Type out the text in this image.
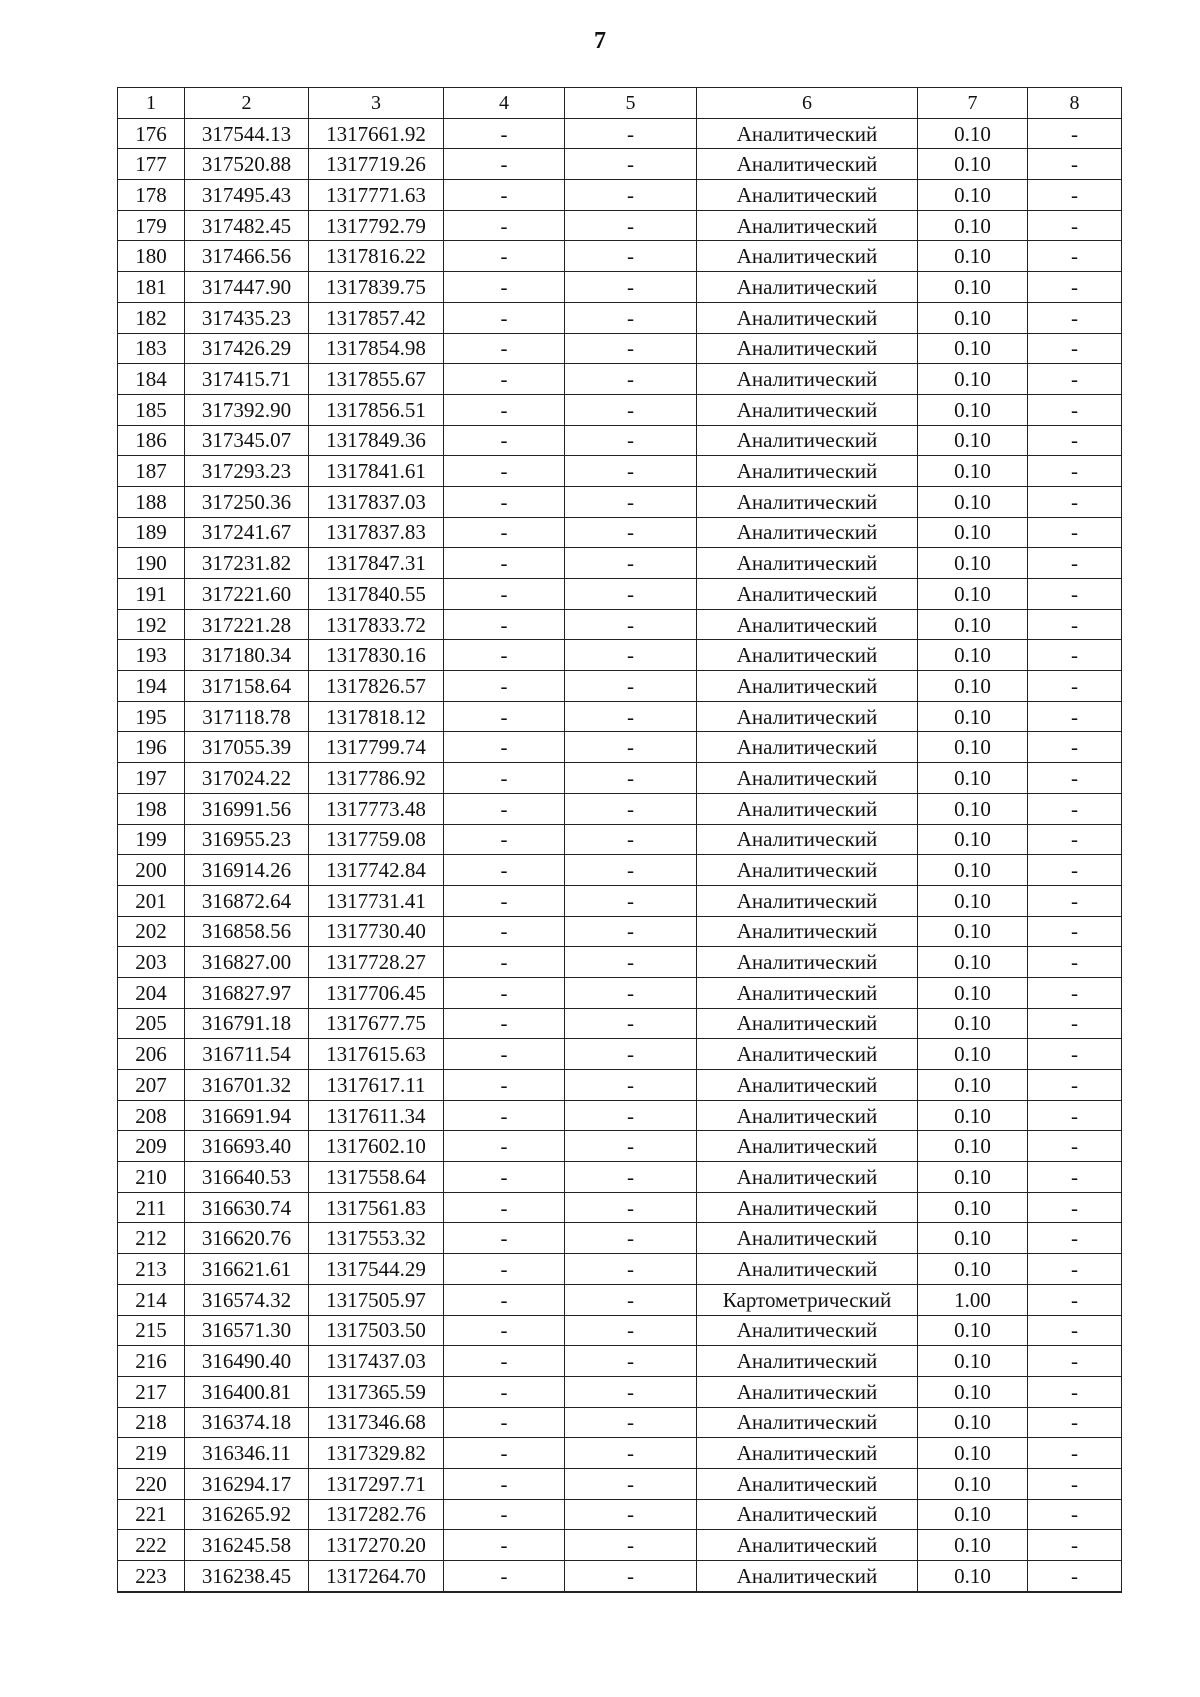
7
1	2	3	4	5	6	7	8
176	317544.13	1317661.92	-	-	Аналитический	0.10	-
177	317520.88	1317719.26	-	-	Аналитический	0.10	-
178	317495.43	1317771.63	-	-	Аналитический	0.10	-
179	317482.45	1317792.79	-	-	Аналитический	0.10	-
180	317466.56	1317816.22	-	-	Аналитический	0.10	-
181	317447.90	1317839.75	-	-	Аналитический	0.10	-
182	317435.23	1317857.42	-	-	Аналитический	0.10	-
183	317426.29	1317854.98	-	-	Аналитический	0.10	-
184	317415.71	1317855.67	-	-	Аналитический	0.10	-
185	317392.90	1317856.51	-	-	Аналитический	0.10	-
186	317345.07	1317849.36	-	-	Аналитический	0.10	-
187	317293.23	1317841.61	-	-	Аналитический	0.10	-
188	317250.36	1317837.03	-	-	Аналитический	0.10	-
189	317241.67	1317837.83	-	-	Аналитический	0.10	-
190	317231.82	1317847.31	-	-	Аналитический	0.10	-
191	317221.60	1317840.55	-	-	Аналитический	0.10	-
192	317221.28	1317833.72	-	-	Аналитический	0.10	-
193	317180.34	1317830.16	-	-	Аналитический	0.10	-
194	317158.64	1317826.57	-	-	Аналитический	0.10	-
195	317118.78	1317818.12	-	-	Аналитический	0.10	-
196	317055.39	1317799.74	-	-	Аналитический	0.10	-
197	317024.22	1317786.92	-	-	Аналитический	0.10	-
198	316991.56	1317773.48	-	-	Аналитический	0.10	-
199	316955.23	1317759.08	-	-	Аналитический	0.10	-
200	316914.26	1317742.84	-	-	Аналитический	0.10	-
201	316872.64	1317731.41	-	-	Аналитический	0.10	-
202	316858.56	1317730.40	-	-	Аналитический	0.10	-
203	316827.00	1317728.27	-	-	Аналитический	0.10	-
204	316827.97	1317706.45	-	-	Аналитический	0.10	-
205	316791.18	1317677.75	-	-	Аналитический	0.10	-
206	316711.54	1317615.63	-	-	Аналитический	0.10	-
207	316701.32	1317617.11	-	-	Аналитический	0.10	-
208	316691.94	1317611.34	-	-	Аналитический	0.10	-
209	316693.40	1317602.10	-	-	Аналитический	0.10	-
210	316640.53	1317558.64	-	-	Аналитический	0.10	-
211	316630.74	1317561.83	-	-	Аналитический	0.10	-
212	316620.76	1317553.32	-	-	Аналитический	0.10	-
213	316621.61	1317544.29	-	-	Аналитический	0.10	-
214	316574.32	1317505.97	-	-	Картометрический	1.00	-
215	316571.30	1317503.50	-	-	Аналитический	0.10	-
216	316490.40	1317437.03	-	-	Аналитический	0.10	-
217	316400.81	1317365.59	-	-	Аналитический	0.10	-
218	316374.18	1317346.68	-	-	Аналитический	0.10	-
219	316346.11	1317329.82	-	-	Аналитический	0.10	-
220	316294.17	1317297.71	-	-	Аналитический	0.10	-
221	316265.92	1317282.76	-	-	Аналитический	0.10	-
222	316245.58	1317270.20	-	-	Аналитический	0.10	-
223	316238.45	1317264.70	-	-	Аналитический	0.10	-
